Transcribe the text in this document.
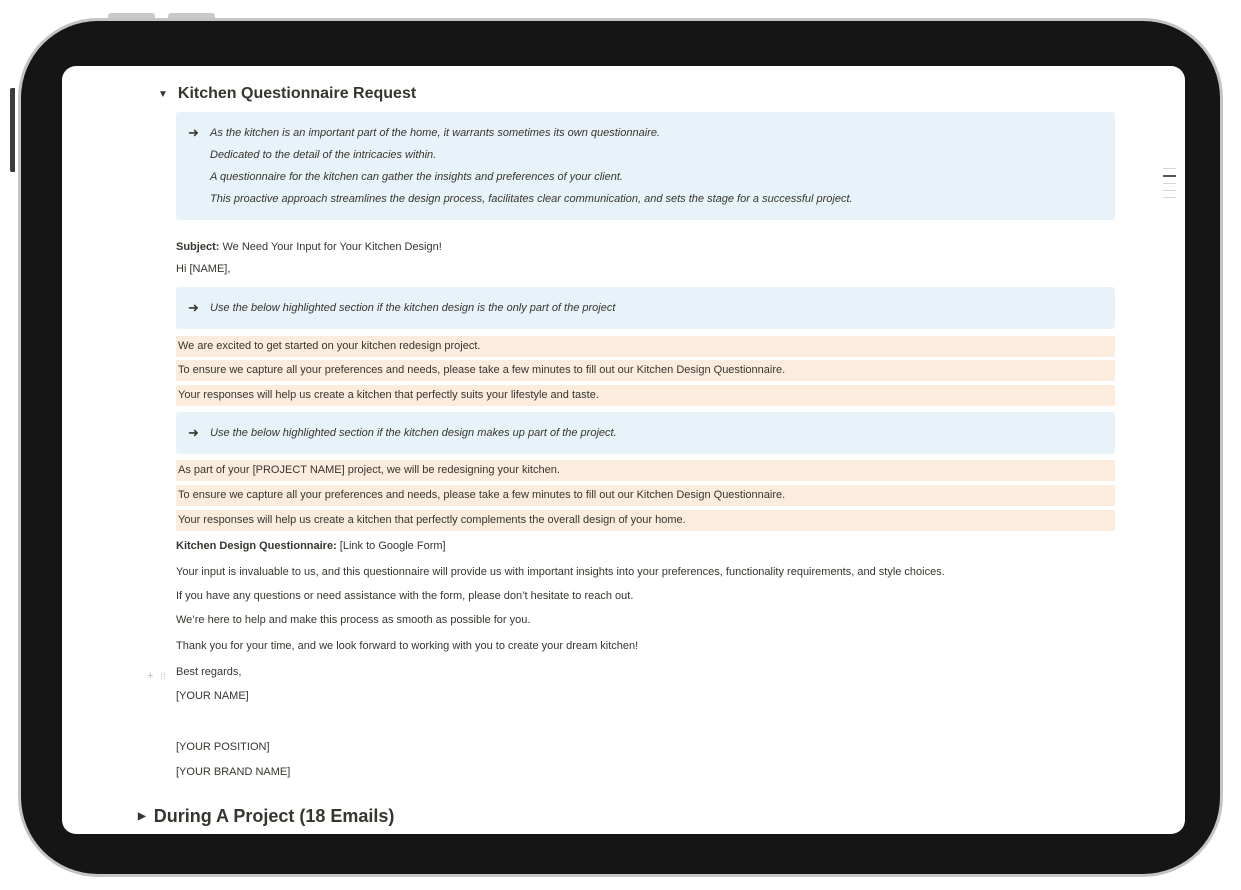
▼ Kitchen Questionnaire Request
➜	As the kitchen is an important part of the home, it warrants sometimes its own questionnaire.
Dedicated to the detail of the intricacies within.
A questionnaire for the kitchen can gather the insights and preferences of your client.
This proactive approach streamlines the design process, facilitates clear communication, and sets the stage for a successful project.
Subject: We Need Your Input for Your Kitchen Design!
Hi [NAME],
➜	Use the below highlighted section if the kitchen design is the only part of the project
We are excited to get started on your kitchen redesign project.
To ensure we capture all your preferences and needs, please take a few minutes to fill out our Kitchen Design Questionnaire.
Your responses will help us create a kitchen that perfectly suits your lifestyle and taste.
➜	Use the below highlighted section if the kitchen design makes up part of the project.
As part of your [PROJECT NAME] project, we will be redesigning your kitchen.
To ensure we capture all your preferences and needs, please take a few minutes to fill out our Kitchen Design Questionnaire.
Your responses will help us create a kitchen that perfectly complements the overall design of your home.
Kitchen Design Questionnaire: [Link to Google Form]
Your input is invaluable to us, and this questionnaire will provide us with important insights into your preferences, functionality requirements, and style choices.
If you have any questions or need assistance with the form, please don’t hesitate to reach out.
We’re here to help and make this process as smooth as possible for you.
Thank you for your time, and we look forward to working with you to create your dream kitchen!
+ ⁞⁞ Best regards,
[YOUR NAME]
[YOUR POSITION]
[YOUR BRAND NAME]
▶ During A Project (18 Emails)
